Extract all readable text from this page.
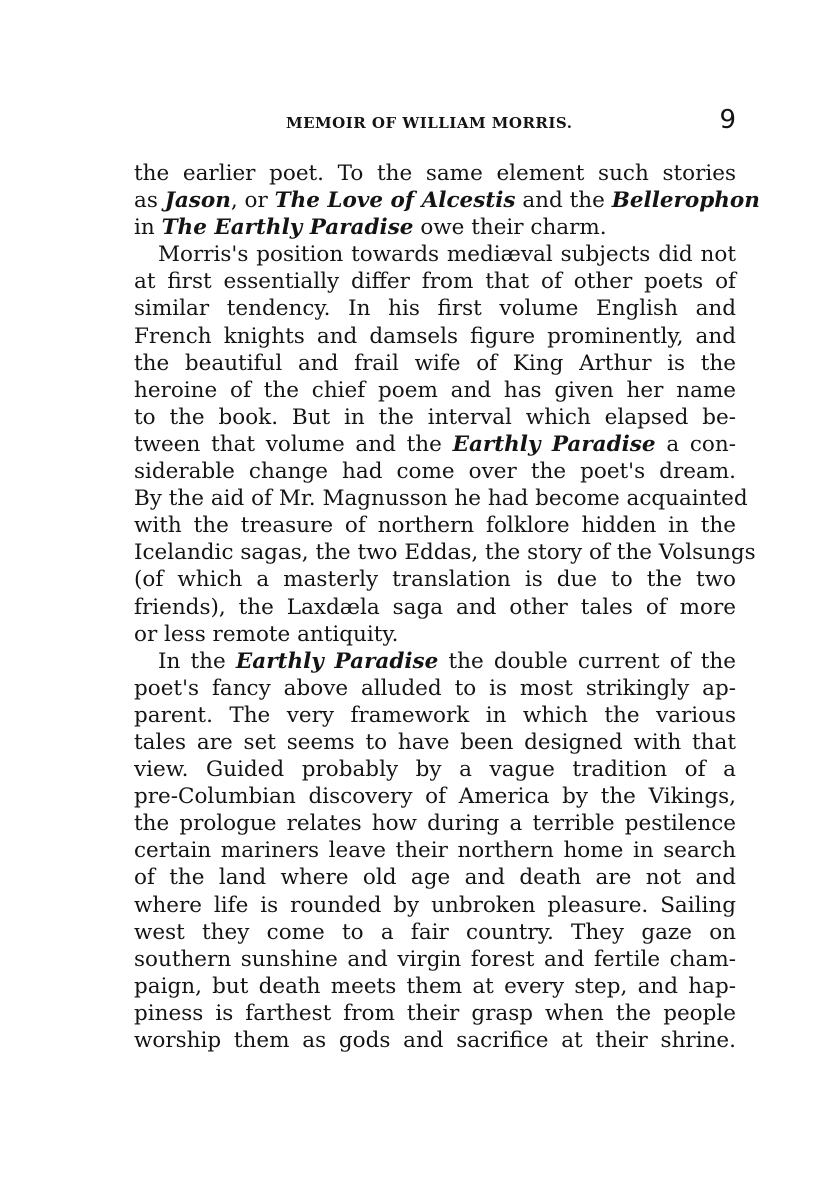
MEMOIR OF WILLIAM MORRIS.	9
the earlier poet. To the same element such stories
as Jason, or The Love of Alcestis and the Bellerophon
in The Earthly Paradise owe their charm.
Morris's position towards mediæval subjects did not
at first essentially differ from that of other poets of
similar tendency. In his first volume English and
French knights and damsels figure prominently, and
the beautiful and frail wife of King Arthur is the
heroine of the chief poem and has given her name
to the book. But in the interval which elapsed be-
tween that volume and the Earthly Paradise a con-
siderable change had come over the poet's dream.
By the aid of Mr. Magnusson he had become acquainted
with the treasure of northern folklore hidden in the
Icelandic sagas, the two Eddas, the story of the Volsungs
(of which a masterly translation is due to the two
friends), the Laxdæla saga and other tales of more
or less remote antiquity.
In the Earthly Paradise the double current of the
poet's fancy above alluded to is most strikingly ap-
parent. The very framework in which the various
tales are set seems to have been designed with that
view. Guided probably by a vague tradition of a
pre-Columbian discovery of America by the Vikings,
the prologue relates how during a terrible pestilence
certain mariners leave their northern home in search
of the land where old age and death are not and
where life is rounded by unbroken pleasure. Sailing
west they come to a fair country. They gaze on
southern sunshine and virgin forest and fertile cham-
paign, but death meets them at every step, and hap-
piness is farthest from their grasp when the people
worship them as gods and sacrifice at their shrine.
